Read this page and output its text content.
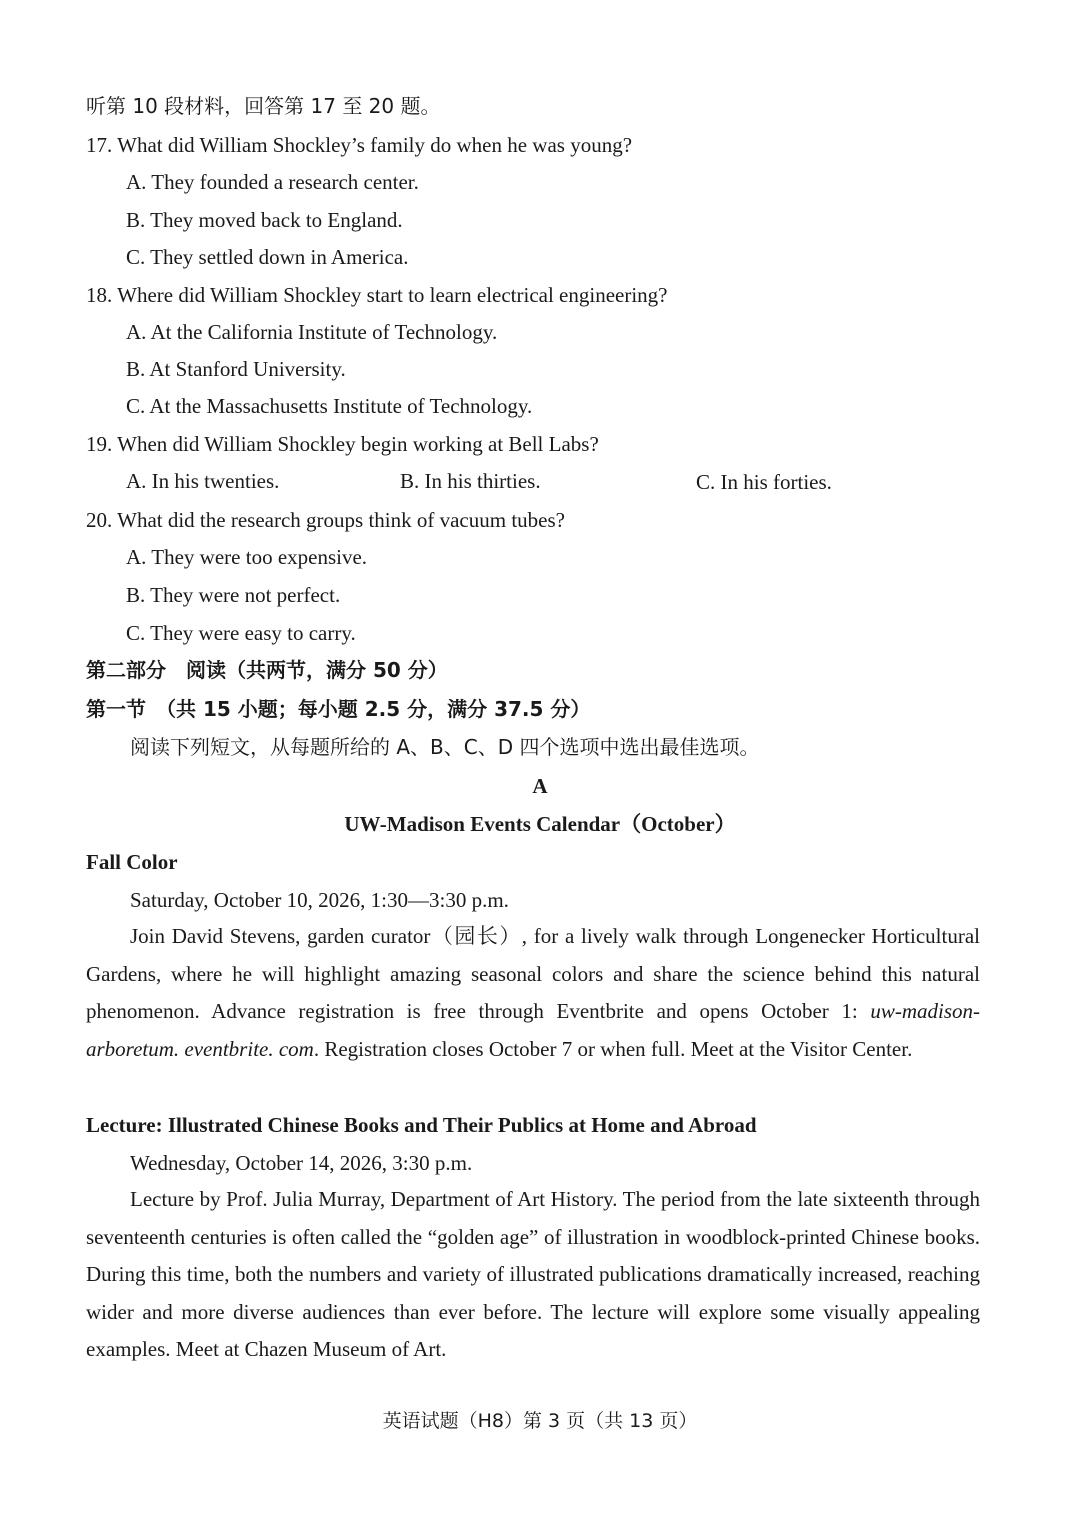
听第 10 段材料，回答第 17 至 20 题。
17. What did William Shockley’s family do when he was young?
A. They founded a research center.
B. They moved back to England.
C. They settled down in America.
18. Where did William Shockley start to learn electrical engineering?
A. At the California Institute of Technology.
B. At Stanford University.
C. At the Massachusetts Institute of Technology.
19. When did William Shockley begin working at Bell Labs?
A. In his twenties.	B. In his thirties.	C. In his forties.
20. What did the research groups think of vacuum tubes?
A. They were too expensive.
B. They were not perfect.
C. They were easy to carry.
第二部分　阅读（共两节，满分 50 分）
第一节　（共 15 小题；每小题 2.5 分，满分 37.5 分）
阅读下列短文，从每题所给的 A、B、C、D 四个选项中选出最佳选项。
A
UW-Madison Events Calendar（October）
Fall Color
Saturday, October 10, 2026, 1:30—3:30 p.m.
Join David Stevens, garden curator（园长）, for a lively walk through Longenecker Horticultural Gardens, where he will highlight amazing seasonal colors and share the science behind this natural phenomenon. Advance registration is free through Eventbrite and opens October 1: uw-madison-arboretum. eventbrite. com. Registration closes October 7 or when full. Meet at the Visitor Center.
Lecture: Illustrated Chinese Books and Their Publics at Home and Abroad
Wednesday, October 14, 2026, 3:30 p.m.
Lecture by Prof. Julia Murray, Department of Art History. The period from the late sixteenth through seventeenth centuries is often called the “golden age” of illustration in woodblock-printed Chinese books. During this time, both the numbers and variety of illustrated publications dramatically increased, reaching wider and more diverse audiences than ever before. The lecture will explore some visually appealing examples. Meet at Chazen Museum of Art.
英语试题（H8）第 3 页（共 13 页）
